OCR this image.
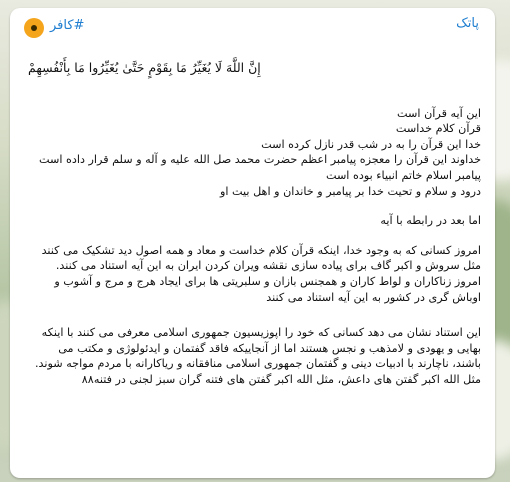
#کافر	پاتک
إِنَّ اللَّهَ لَا يُغَيِّرُ مَا بِقَوْمٍ حَتَّىٰ يُغَيِّرُوا مَا بِأَنْفُسِهِمْ

این آیه قرآن است

قرآن کلام خداست

خدا این قرآن را به در شب قدر نازل کرده است

خداوند این قرآن را معجزه پیامبر اعظم حضرت محمد صل الله علیه و آله و سلم قرار داده است

پیامبر اسلام خاتم انبیاء بوده است

درود و سلام و تحیت خدا بر پیامبر و خاندان و اهل بیت او

اما بعد در رابطه با آیه

امروز کسانی که به وجود خدا، اینکه قرآن کلام خداست و معاد و همه اصول دید تشکیک می کنند مثل سروش و اکبر گاف برای پیاده سازی نقشه ویران کردن ایران به این آیه استناد می کنند.

امروز زناکاران و لواط کاران و همجنس بازان و سلبریتی ها برای ایجاد هرج و مرج و آشوب و اوباش گری در کشور به این آیه استناد می کنند

این استناد نشان می دهد کسانی که خود را اپوزیسیون جمهوری اسلامی معرفی می کنند با اینکه بهایی و یهودی و لامذهب و نجس هستند اما از آنجاییکه فاقد گفتمان و ایدئولوژی و مکتب می باشند، ناچارند با ادبیات دینی و گفتمان جمهوری اسلامی منافقانه و ریاکارانه با مردم مواجه شوند. مثل الله اکبر گفتن های داعش، مثل الله اکبر گفتن های فتنه گران سبز لجنی در فتنه۸۸
